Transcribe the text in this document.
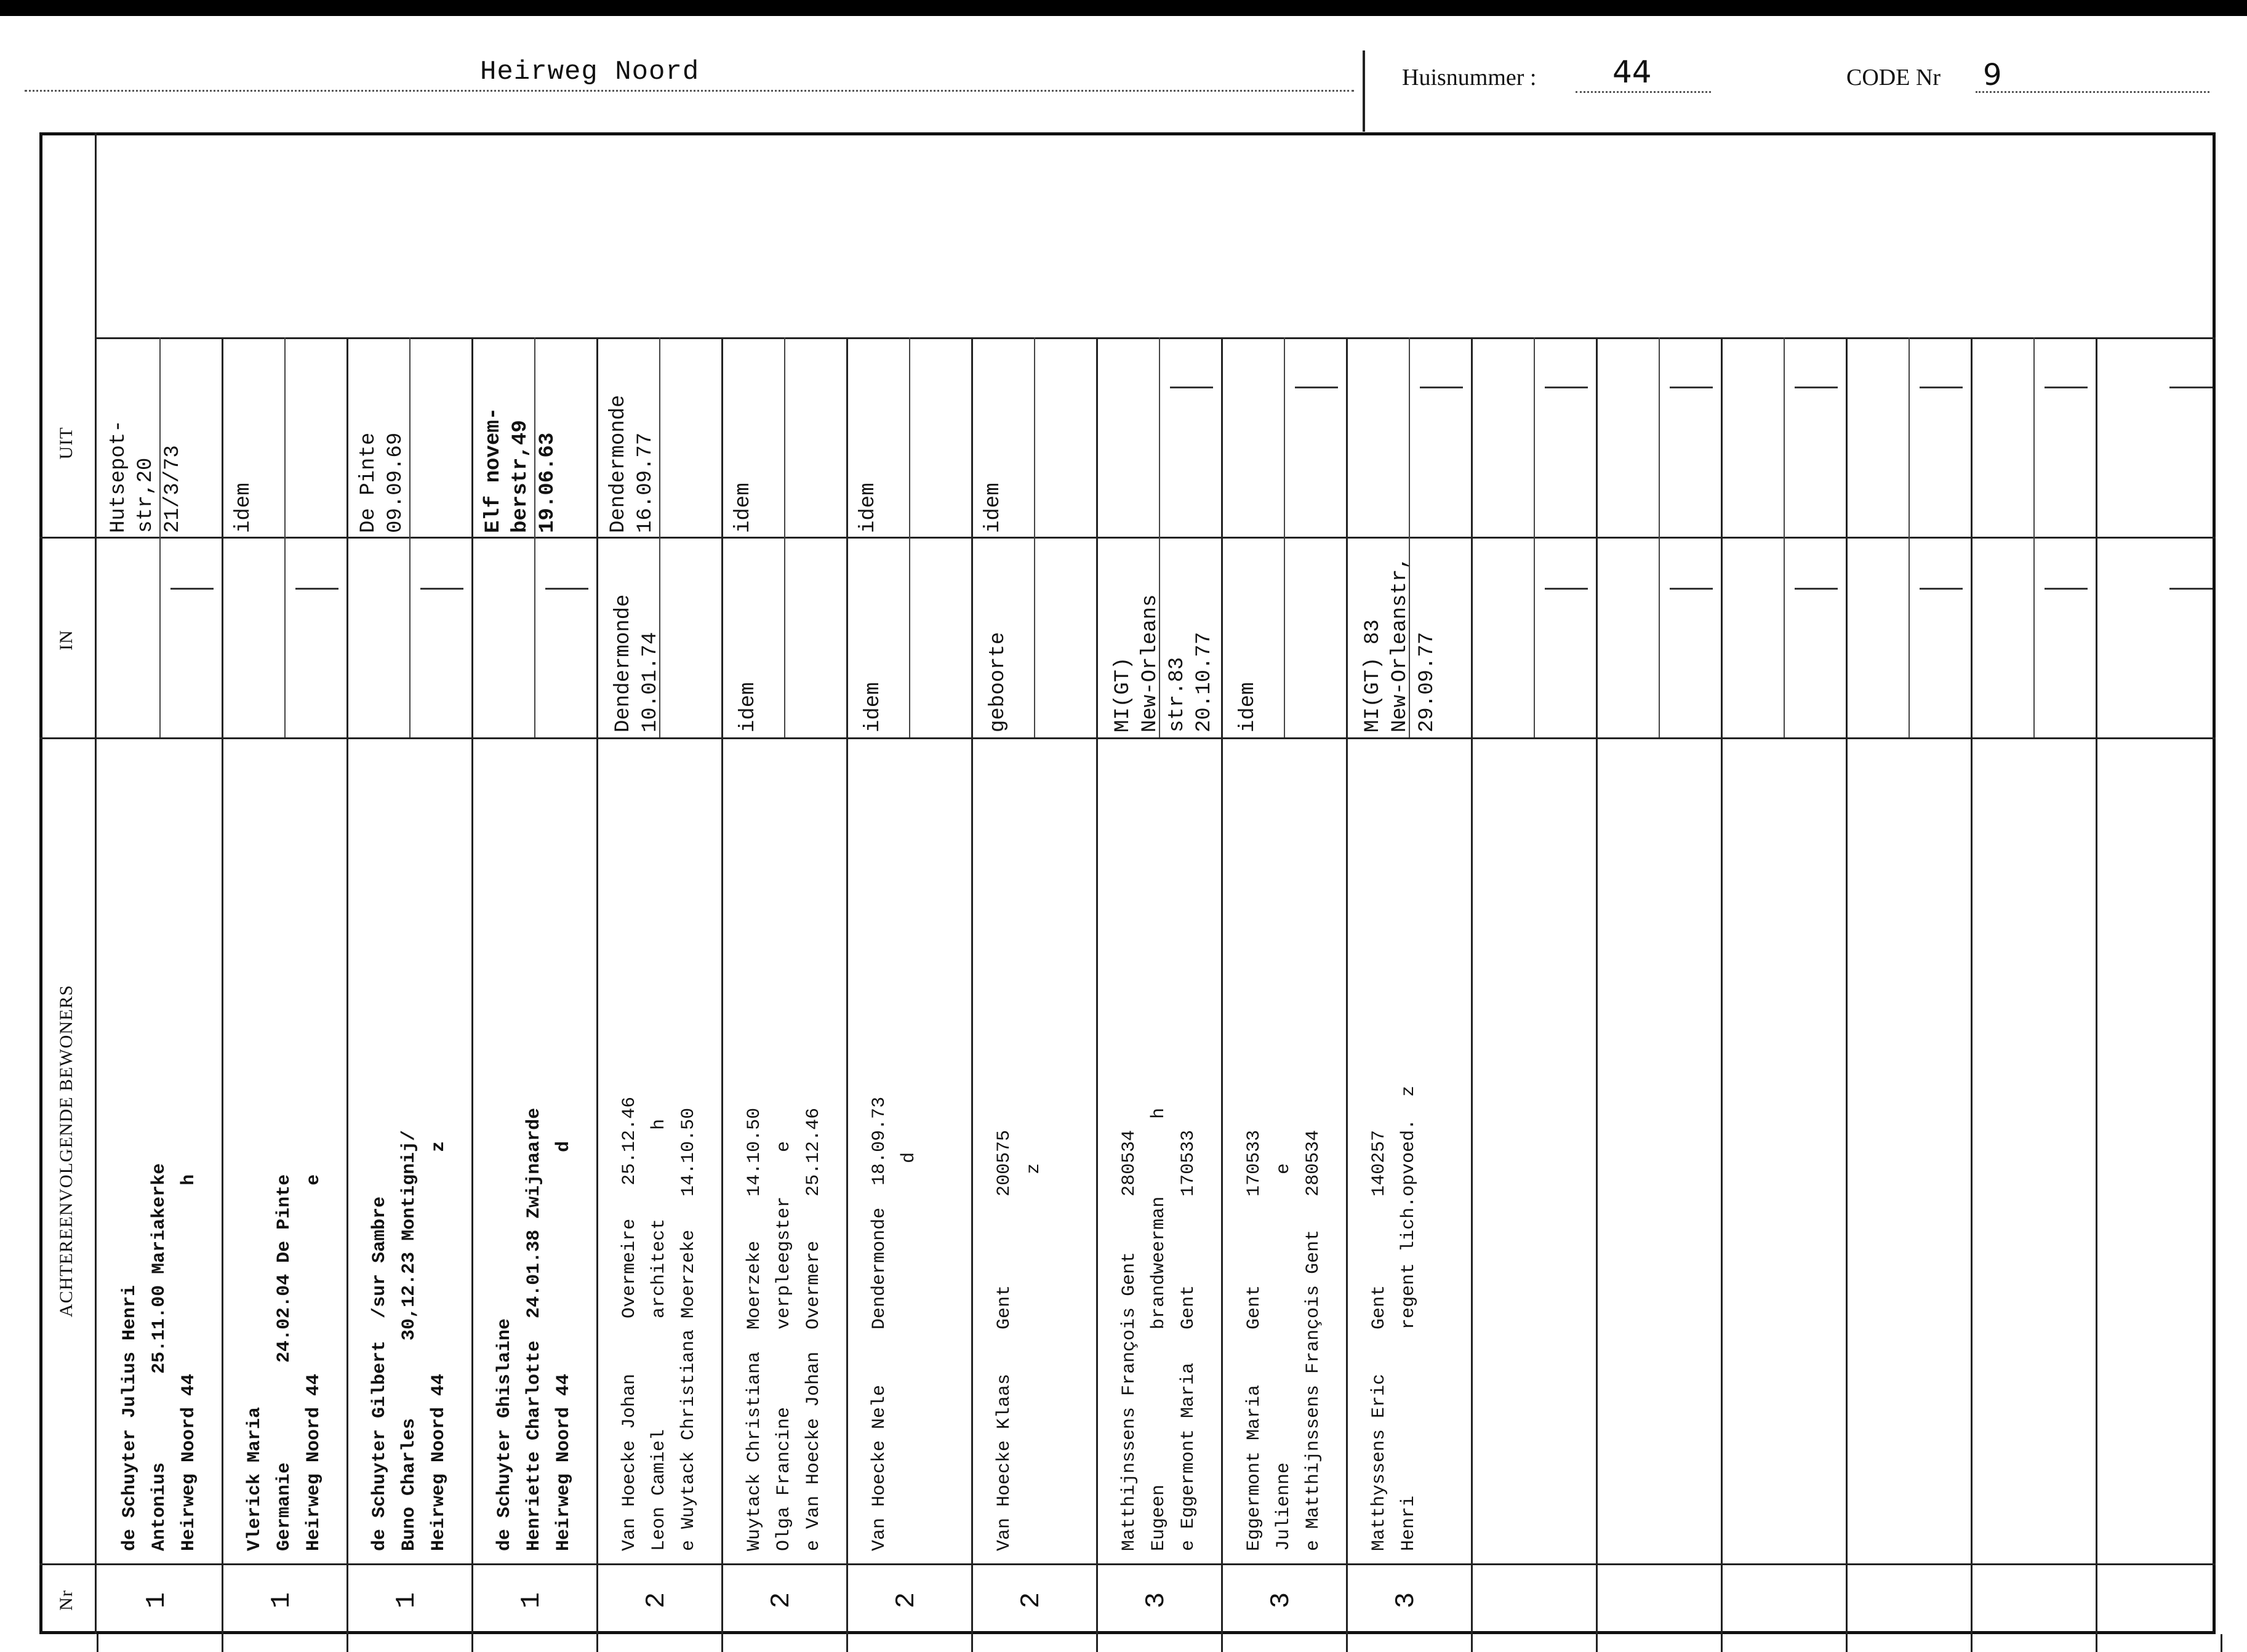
Heirweg Noord	Huisnummer : 44	CODE Nr 9
UIT
IN
ACHTEREENVOLGENDE BEWONERS
Nr
de Schuyter Julius Henri
Antonius        25.11.00 Mariakerke
Heirweg Noord 44                 h
Hutsepot-
str,20
21/3/73
1
Vlerick Maria
Germanie         24.02.04 De Pinte
Heirweg Noord 44                 e
idem
1
de Schuyter Gilbert  /sur Sambre
Buno Charles       30,12.23 Montignij/
Heirweg Noord 44                    z
De Pinte
09.09.69
1
de Schuyter Ghislaine
Henriette Charlotte  24.01.38 Zwijnaarde
Heirweg Noord 44                    d
Elf novem-
berstr,49
19.06.63
1
Van Hoecke Johan     Overmeire   25.12.46
Leon Camiel          architect        h
e Wuytack Christiana Moerzeke   14.10.50
Dendermonde
10.01.74
Dendermonde
16.09.77
2
Wuytack Christiana  Moerzeke    14.10.50
Olga Francine       verpleegster    e
e Van Hoecke Johan  Overmere    25.12.46
idem
idem
2
Van Hoecke Nele     Dendermonde  18.09.73
d
idem
idem
2
Van Hoecke Klaas    Gent        200575
z
geboorte
idem
2
Matthijnssens François Gent     280534
Eugeen              brandweerman       h
e Eggermont Maria   Gent        170533
MI(GT)
New-Orleans
str.83
20.10.77
3
Eggermont Maria     Gent        170533
Julienne                          e
e Matthijnssens François Gent   280534
idem
3
Matthyssens Eric    Gent        140257
Henri               regent lich.opvoed.  z
MI(GT) 83
New-Orleanstr,
29.09.77
3
